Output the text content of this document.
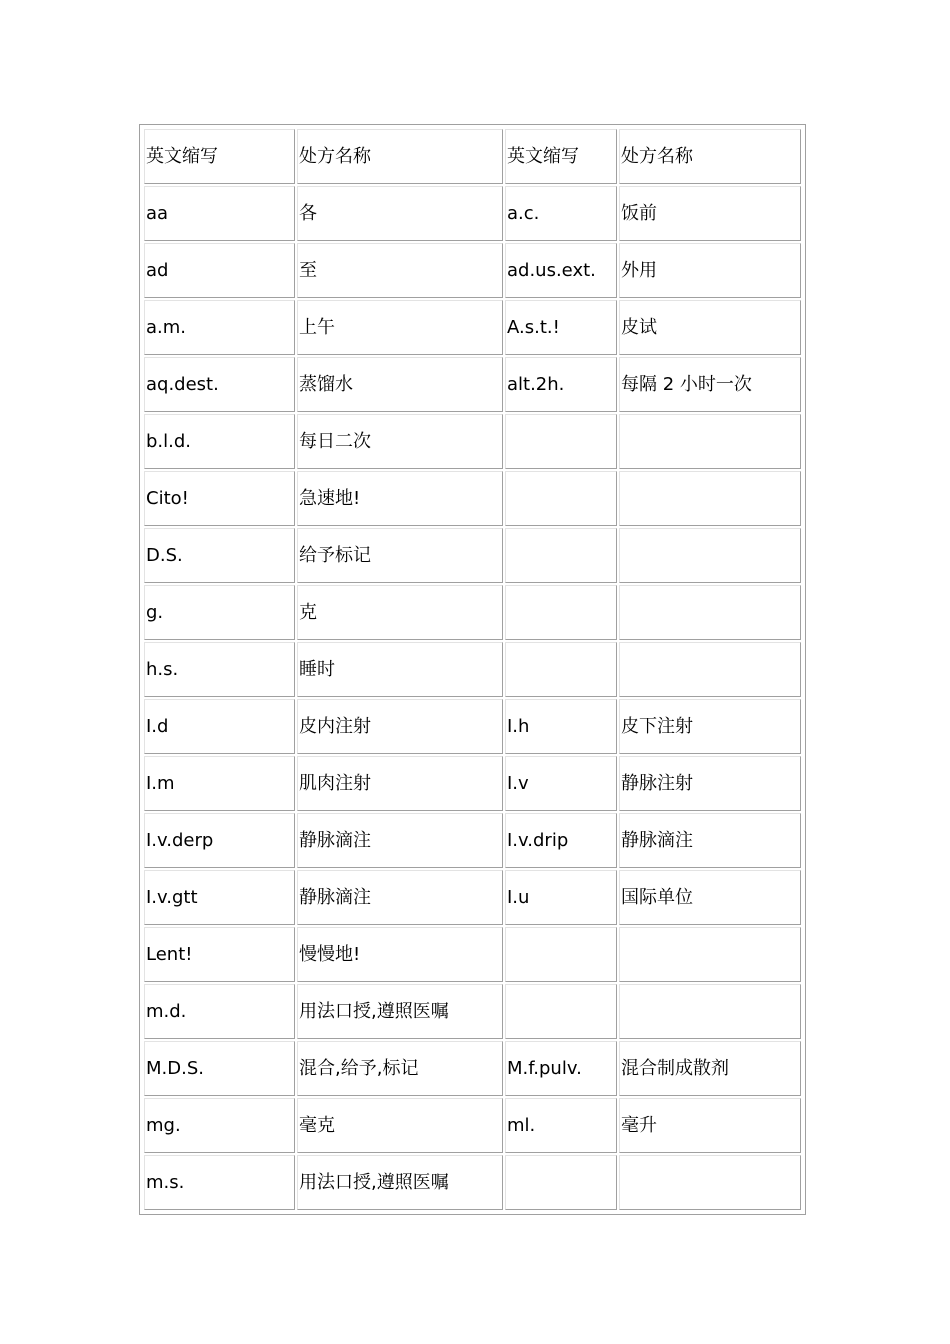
英文缩写	处方名称	英文缩写	处方名称
aa	各	a.c.	饭前
ad	至	ad.us.ext.	外用
a.m.	上午	A.s.t.!	皮试
aq.dest.	蒸馏水	alt.2h.	每隔 2 小时一次
b.l.d.	每日二次		
Cito!	急速地!		
D.S.	给予标记		
g.	克		
h.s.	睡时		
I.d	皮内注射	I.h	皮下注射
I.m	肌肉注射	I.v	静脉注射
I.v.derp	静脉滴注	I.v.drip	静脉滴注
I.v.gtt	静脉滴注	I.u	国际单位
Lent!	慢慢地!		
m.d.	用法口授,遵照医嘱		
M.D.S.	混合,给予,标记	M.f.pulv.	混合制成散剂
mg.	毫克	ml.	毫升
m.s.	用法口授,遵照医嘱		
